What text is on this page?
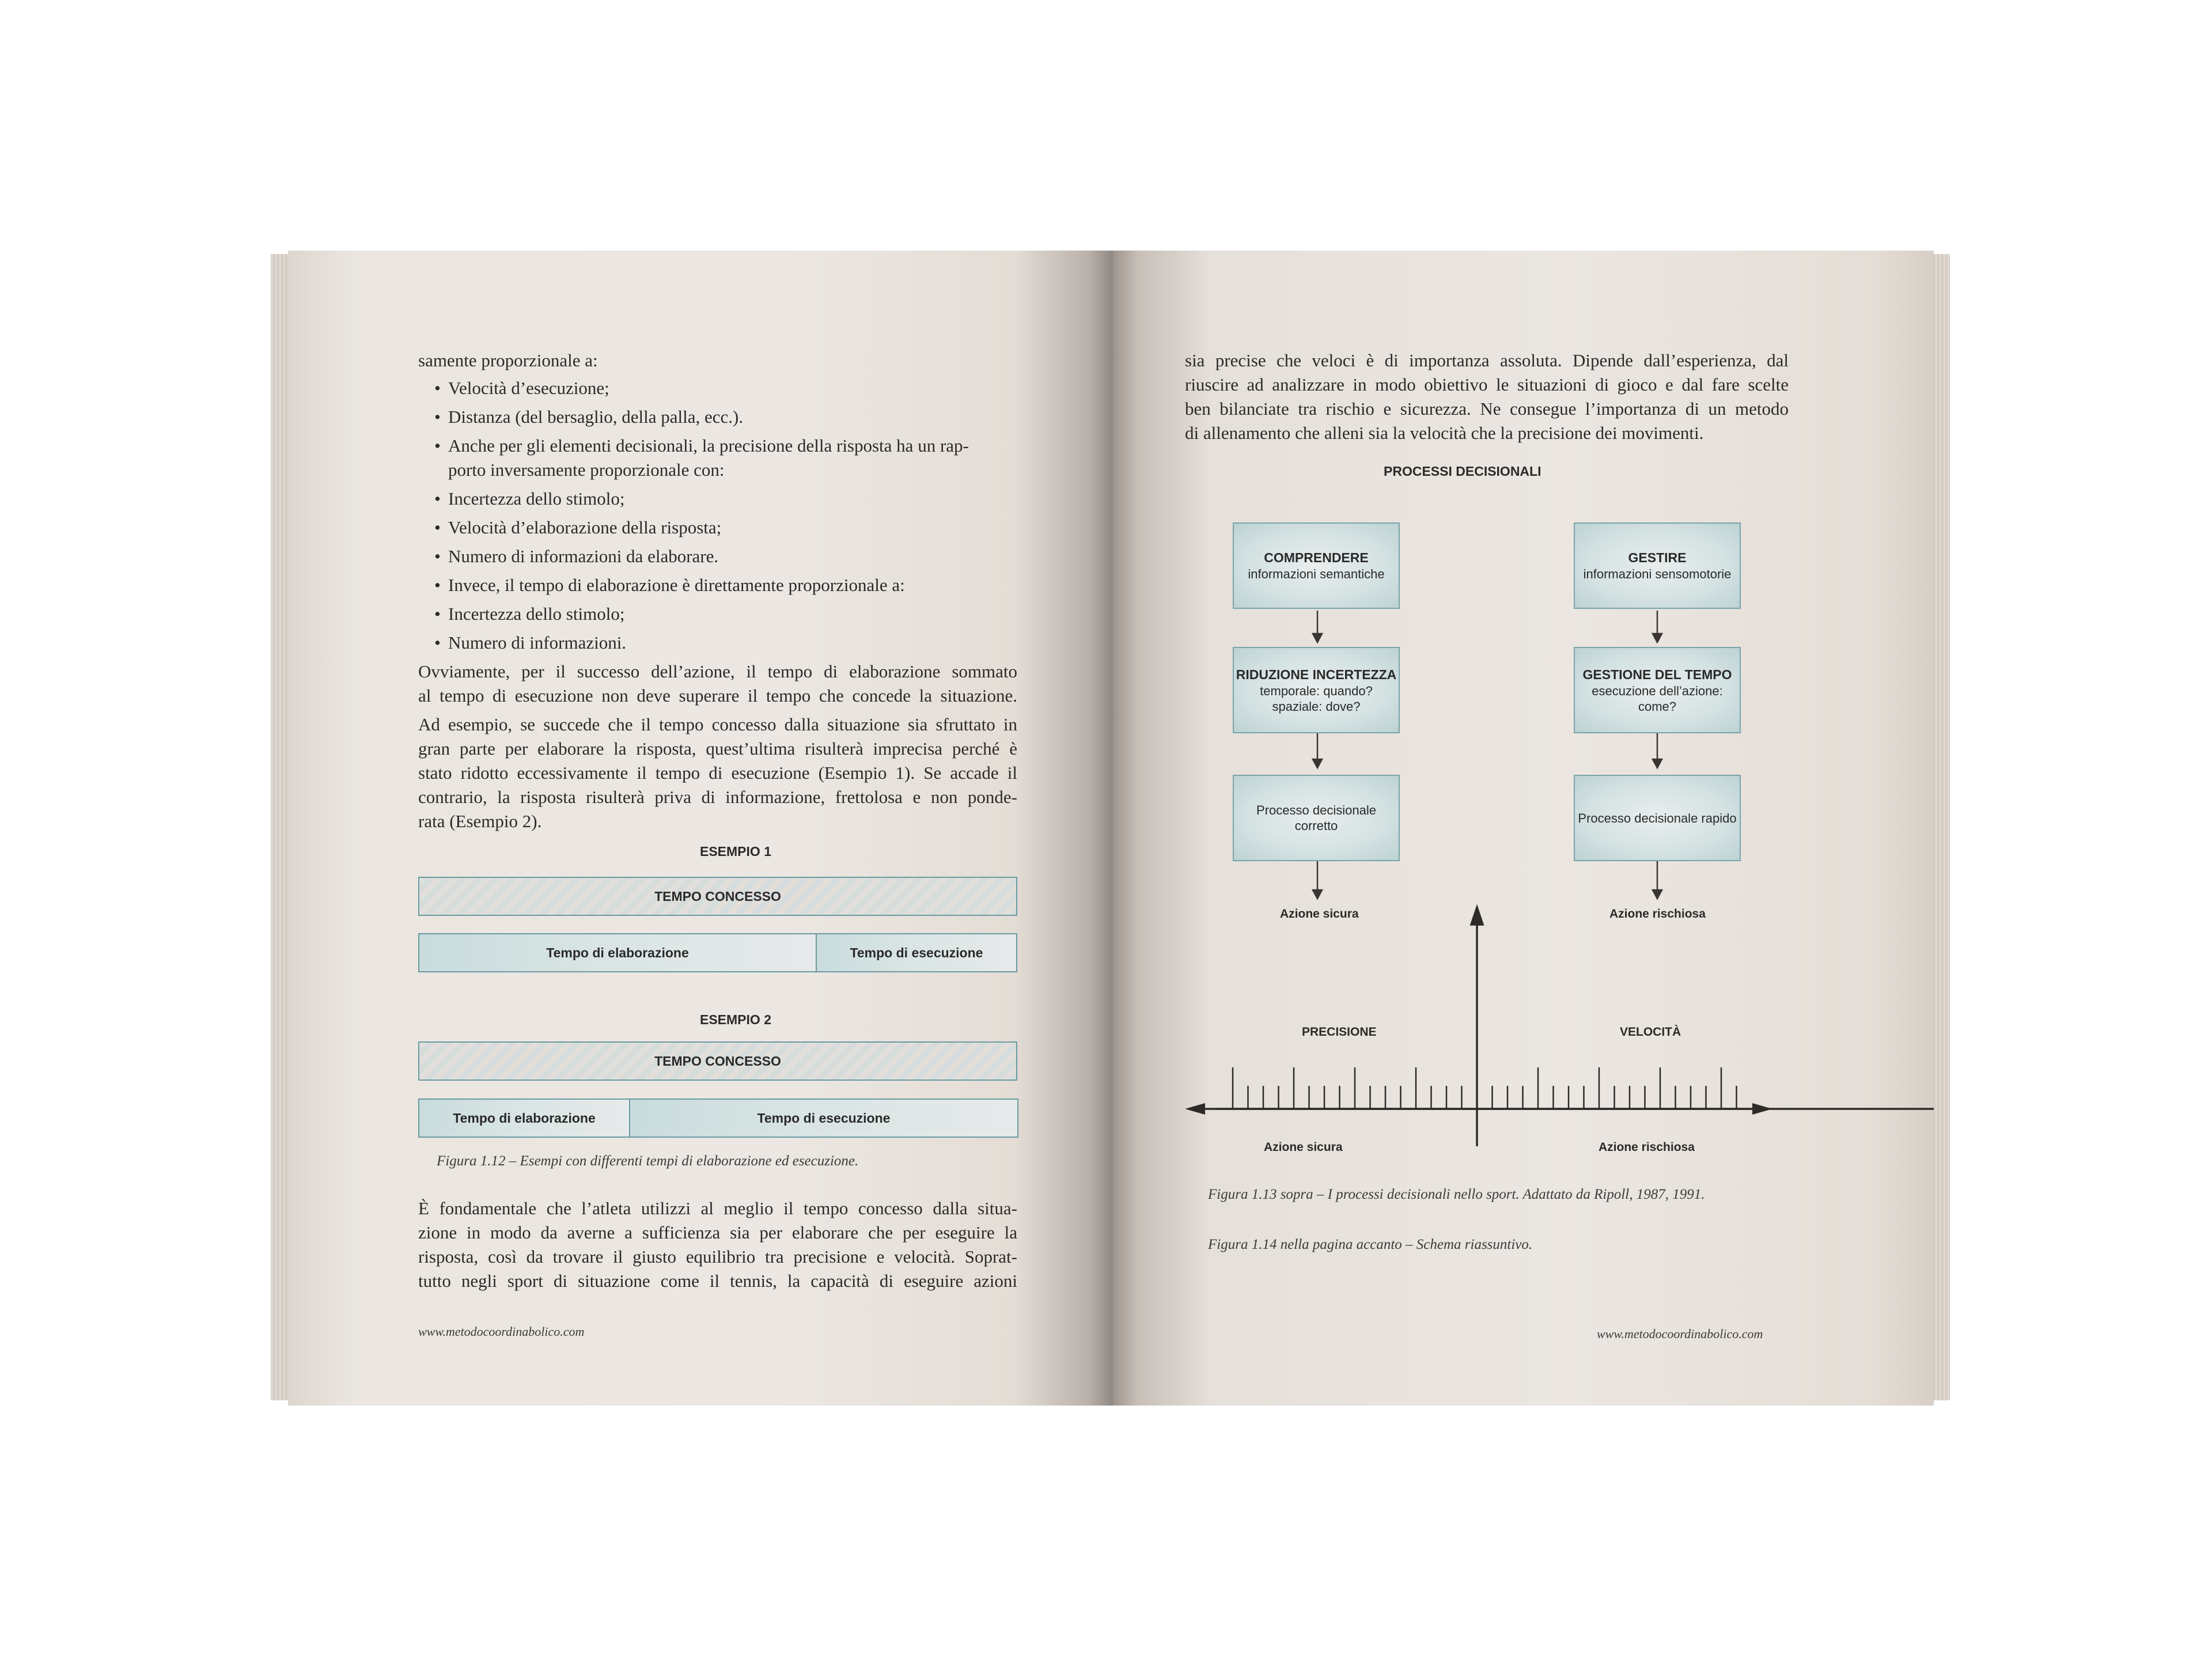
samente proporzionale a:
• Velocità d’esecuzione;
• Distanza (del bersaglio, della palla, ecc.).
• Anche per gli elementi decisionali, la precisione della risposta ha un rap-
porto inversamente proporzionale con:
• Incertezza dello stimolo;
• Velocità d’elaborazione della risposta;
• Numero di informazioni da elaborare.
• Invece, il tempo di elaborazione è direttamente proporzionale a:
• Incertezza dello stimolo;
• Numero di informazioni.
Ovviamente, per il successo dell’azione, il tempo di elaborazione sommato
al tempo di esecuzione non deve superare il tempo che concede la situazione.
Ad esempio, se succede che il tempo concesso dalla situazione sia sfruttato in
gran parte per elaborare la risposta, quest’ultima risulterà imprecisa perché è
stato ridotto eccessivamente il tempo di esecuzione (Esempio 1). Se accade il
contrario, la risposta risulterà priva di informazione, frettolosa e non ponde-
rata (Esempio 2).
ESEMPIO 1
TEMPO CONCESSO
Tempo di elaborazione	Tempo di esecuzione
ESEMPIO 2
TEMPO CONCESSO
Tempo di elaborazione	Tempo di esecuzione
Figura 1.12 – Esempi con differenti tempi di elaborazione ed esecuzione.
È fondamentale che l’atleta utilizzi al meglio il tempo concesso dalla situa-
zione in modo da averne a sufficienza sia per elaborare che per eseguire la
risposta, così da trovare il giusto equilibrio tra precisione e velocità. Soprat-
tutto negli sport di situazione come il tennis, la capacità di eseguire azioni
www.metodocoordinabolico.com
sia precise che veloci è di importanza assoluta. Dipende dall’esperienza, dal
riuscire ad analizzare in modo obiettivo le situazioni di gioco e dal fare scelte
ben bilanciate tra rischio e sicurezza. Ne consegue l’importanza di un metodo
di allenamento che alleni sia la velocità che la precisione dei movimenti.
PROCESSI DECISIONALI
COMPRENDERE
informazioni semantiche
RIDUZIONE INCERTEZZA
temporale: quando?
spaziale: dove?
Processo decisionale corretto
Azione sicura
GESTIRE
informazioni sensomotorie
GESTIONE DEL TEMPO
esecuzione dell’azione: come?
Processo decisionale rapido
Azione rischiosa
PRECISIONE	VELOCITÀ
Azione sicura	Azione rischiosa
Figura 1.13 sopra – I processi decisionali nello sport. Adattato da Ripoll, 1987, 1991.
Figura 1.14 nella pagina accanto – Schema riassuntivo.
www.metodocoordinabolico.com
